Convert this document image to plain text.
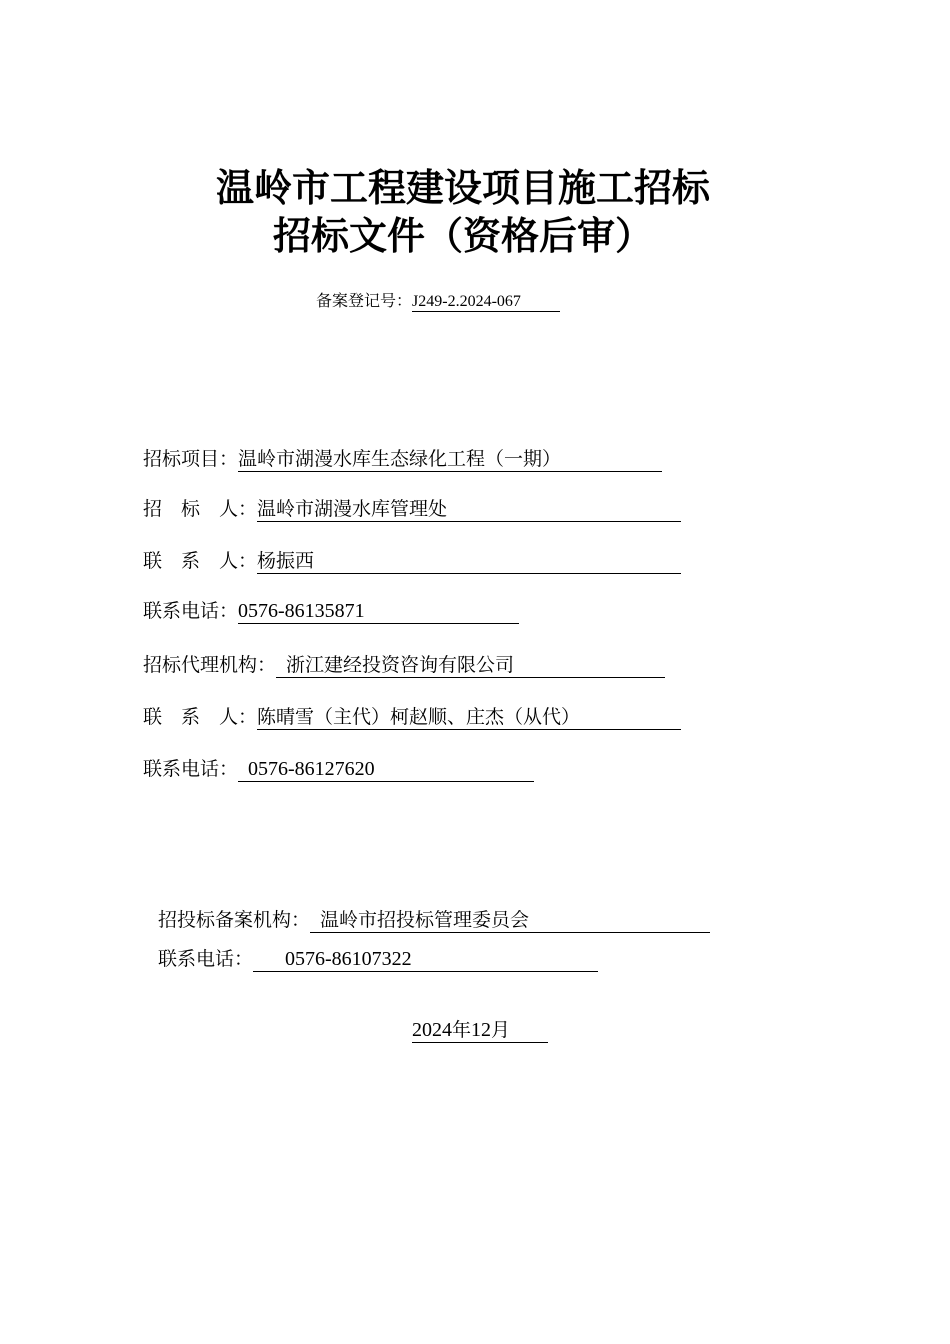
温岭市工程建设项目施工招标
招标文件（资格后审）
备案登记号：J249-2.2024-067
招标项目：温岭市湖漫水库生态绿化工程（一期）
招　标　人：温岭市湖漫水库管理处
联　系　人：杨振西
联系电话：0576-86135871
招标代理机构： 浙江建经投资咨询有限公司
联　系　人：陈晴雪（主代）柯赵顺、庄杰（从代）
联系电话： 0576-86127620
招投标备案机构： 温岭市招投标管理委员会
联系电话： 0576-86107322
2024年12月
